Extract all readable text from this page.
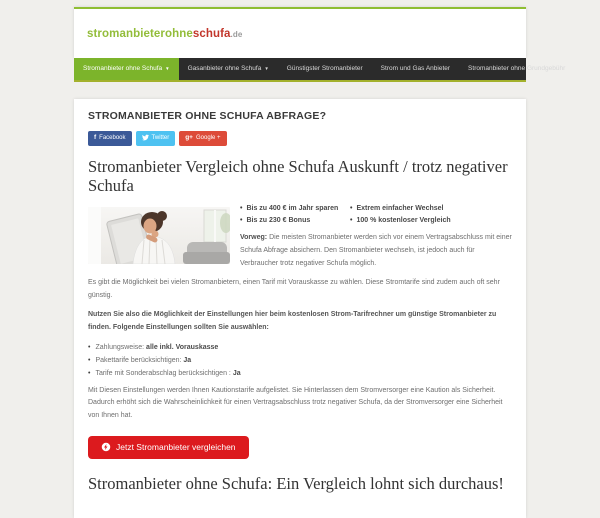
stromanbieterohneschufa.de
Stromanbieter ohne Schufa ▼	Gasanbieter ohne Schufa ▼	Günstigster Stromanbieter	Strom und Gas Anbieter	Stromanbieter ohne Grundgebühr
STROMANBIETER OHNE SCHUFA ABFRAGE?
f Facebook	Twitter g+ Google +
Stromanbieter Vergleich ohne Schufa Auskunft / trotz negativer Schufa
• Bis zu 400 € im Jahr sparen	• Extrem einfacher Wechsel
• Bis zu 230 € Bonus	• 100 % kostenloser Vergleich

Vorweg: Die meisten Stromanbieter werden sich vor einem Vertragsabschluss mit einer Schufa Abfrage absichern. Den Stromanbieter wechseln, ist jedoch auch für Verbraucher trotz negativer Schufa möglich.

Es gibt die Möglichkeit bei vielen Stromanbietern, einen Tarif mit Vorauskasse zu wählen. Diese Stromtarife sind zudem auch oft sehr günstig.

Nutzen Sie also die Möglichkeit der Einstellungen hier beim kostenlosen Strom-Tarifrechner um günstige Stromanbieter zu finden. Folgende Einstellungen sollten Sie auswählen:

• Zahlungsweise: alle inkl. Vorauskasse
• Pakettarife berücksichtigen: Ja
• Tarife mit Sonderabschlag berücksichtigen : Ja

Mit Diesen Einstellungen werden Ihnen Kautionstarife aufgelistet. Sie Hinterlassen dem Stromversorger eine Kaution als Sicherheit. Dadurch erhöht sich die Wahrscheinlichkeit für einen Vertragsabschluss trotz negativer Schufa, da der Stromversorger eine Sicherheit von Ihnen hat.

Jetzt Stromanbieter vergleichen
Stromanbieter ohne Schufa: Ein Vergleich lohnt sich durchaus!
